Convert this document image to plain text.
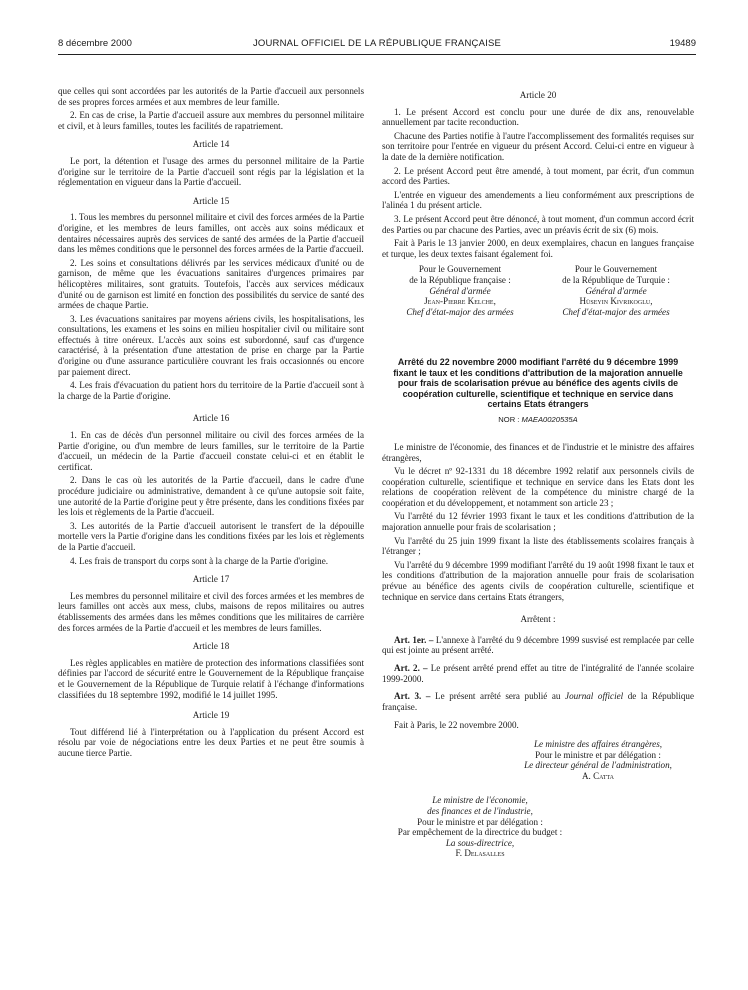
8 décembre 2000	JOURNAL OFFICIEL DE LA RÉPUBLIQUE FRANÇAISE	19489

que celles qui sont accordées par les autorités de la Partie d'accueil aux personnels de ses propres forces armées et aux membres de leur famille.

2. En cas de crise, la Partie d'accueil assure aux membres du personnel militaire et civil, et à leurs familles, toutes les facilités de rapatriement.

Article 14

Le port, la détention et l'usage des armes du personnel militaire de la Partie d'origine sur le territoire de la Partie d'accueil sont régis par la législation et la réglementation en vigueur dans la Partie d'accueil.

Article 15

1. Tous les membres du personnel militaire et civil des forces armées de la Partie d'origine, et les membres de leurs familles, ont accès aux soins médicaux et dentaires nécessaires auprès des services de santé des armées de la Partie d'accueil dans les mêmes conditions que le personnel des forces armées de la Partie d'accueil.

2. Les soins et consultations délivrés par les services médicaux d'unité ou de garnison, de même que les évacuations sanitaires d'urgences primaires par hélicoptères militaires, sont gratuits. Toutefois, l'accès aux services médicaux d'unité ou de garnison est limité en fonction des possibilités du service de santé des armées de chaque Partie.

3. Les évacuations sanitaires par moyens aériens civils, les hospitalisations, les consultations, les examens et les soins en milieu hospitalier civil ou militaire sont effectués à titre onéreux. L'accès aux soins est subordonné, sauf cas d'urgence caractérisé, à la présentation d'une attestation de prise en charge par la Partie d'origine ou d'une assurance particulière couvrant les frais occasionnés ou encore par paiement direct.

4. Les frais d'évacuation du patient hors du territoire de la Partie d'accueil sont à la charge de la Partie d'origine.

Article 16

1. En cas de décès d'un personnel militaire ou civil des forces armées de la Partie d'origine, ou d'un membre de leurs familles, sur le territoire de la Partie d'accueil, un médecin de la Partie d'accueil constate celui-ci et en établit le certificat.

2. Dans le cas où les autorités de la Partie d'accueil, dans le cadre d'une procédure judiciaire ou administrative, demandent à ce qu'une autopsie soit faite, une autorité de la Partie d'origine peut y être présente, dans les conditions fixées par les lois et règlements de la Partie d'accueil.

3. Les autorités de la Partie d'accueil autorisent le transfert de la dépouille mortelle vers la Partie d'origine dans les conditions fixées par les lois et règlements de la Partie d'accueil.

4. Les frais de transport du corps sont à la charge de la Partie d'origine.

Article 17

Les membres du personnel militaire et civil des forces armées et les membres de leurs familles ont accès aux mess, clubs, maisons de repos militaires ou autres établissements des armées dans les mêmes conditions que les militaires de carrière des forces armées de la Partie d'accueil et les membres de leurs familles.

Article 18

Les règles applicables en matière de protection des informations classifiées sont définies par l'accord de sécurité entre le Gouvernement de la République française et le Gouvernement de la République de Turquie relatif à l'échange d'informations classifiées du 18 septembre 1992, modifié le 14 juillet 1995.

Article 19

Tout différend lié à l'interprétation ou à l'application du présent Accord est résolu par voie de négociations entre les deux Parties et ne peut être soumis à aucune tierce Partie.

Article 20

1. Le présent Accord est conclu pour une durée de dix ans, renouvelable annuellement par tacite reconduction.

Chacune des Parties notifie à l'autre l'accomplissement des formalités requises sur son territoire pour l'entrée en vigueur du présent Accord. Celui-ci entre en vigueur à la date de la dernière notification.

2. Le présent Accord peut être amendé, à tout moment, par écrit, d'un commun accord des Parties.

L'entrée en vigueur des amendements a lieu conformément aux prescriptions de l'alinéa 1 du présent article.

3. Le présent Accord peut être dénoncé, à tout moment, d'un commun accord écrit des Parties ou par chacune des Parties, avec un préavis écrit de six (6) mois.

Fait à Paris le 13 janvier 2000, en deux exemplaires, chacun en langues française et turque, les deux textes faisant également foi.

Pour le Gouvernement
de la République française :
Général d'armée
Jean-Pierre Kelche,
Chef d'état-major des armées
Pour le Gouvernement
de la République de Turquie :
Général d'armée
Hüseyin Kivrikoglu,
Chef d'état-major des armées
Arrêté du 22 novembre 2000 modifiant l'arrêté du 9 décembre 1999 fixant le taux et les conditions d'attribution de la majoration annuelle pour frais de scolarisation prévue au bénéfice des agents civils de coopération culturelle, scientifique et technique en service dans certains Etats étrangers
NOR : MAEA0020535A

Le ministre de l'économie, des finances et de l'industrie et le ministre des affaires étrangères,

Vu le décret nº 92-1331 du 18 décembre 1992 relatif aux personnels civils de coopération culturelle, scientifique et technique en service dans les Etats dont les relations de coopération relèvent de la compétence du ministre chargé de la coopération et du développement, et notamment son article 23 ;

Vu l'arrêté du 12 février 1993 fixant le taux et les conditions d'attribution de la majoration annuelle pour frais de scolarisation ;

Vu l'arrêté du 25 juin 1999 fixant la liste des établissements scolaires français à l'étranger ;

Vu l'arrêté du 9 décembre 1999 modifiant l'arrêté du 19 août 1998 fixant le taux et les conditions d'attribution de la majoration annuelle pour frais de scolarisation prévue au bénéfice des agents civils de coopération culturelle, scientifique et technique en service dans certains Etats étrangers,

Arrêtent :

Art. 1er. – L'annexe à l'arrêté du 9 décembre 1999 susvisé est remplacée par celle qui est jointe au présent arrêté.

Art. 2. – Le présent arrêté prend effet au titre de l'intégralité de l'année scolaire 1999-2000.

Art. 3. – Le présent arrêté sera publié au Journal officiel de la République française.

Fait à Paris, le 22 novembre 2000.

Le ministre des affaires étrangères,
Pour le ministre et par délégation :
Le directeur général de l'administration,
A. Catta
Le ministre de l'économie,
des finances et de l'industrie,
Pour le ministre et par délégation :
Par empêchement de la directrice du budget :
La sous-directrice,
F. Delasalles
